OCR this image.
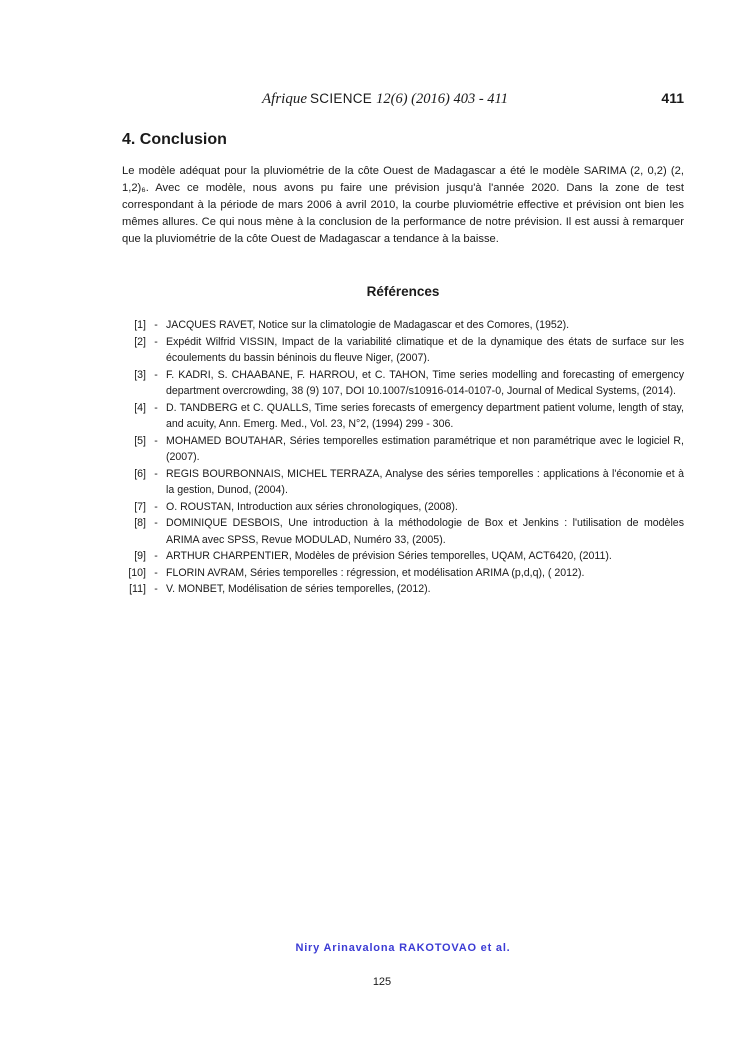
Afrique SCIENCE 12(6) (2016) 403 - 411	411
4. Conclusion

Le modèle adéquat pour la pluviométrie de la côte Ouest de Madagascar a été le modèle SARIMA (2, 0,2) (2, 1,2)₆. Avec ce modèle, nous avons pu faire une prévision jusqu'à l'année 2020. Dans la zone de test correspondant à la période de mars 2006 à avril 2010, la courbe pluviométrie effective et prévision ont bien les mêmes allures. Ce qui nous mène à la conclusion de la performance de notre prévision. Il est aussi à remarquer que la pluviométrie de la côte Ouest de Madagascar a tendance à la baisse.

Références
[1] - JACQUES RAVET, Notice sur la climatologie de Madagascar et des Comores, (1952).
[2] - Expédit Wilfrid VISSIN, Impact de la variabilité climatique et de la dynamique des états de surface sur les écoulements du bassin béninois du fleuve Niger, (2007).
[3] - F. KADRI, S. CHAABANE, F. HARROU, et C. TAHON, Time series modelling and forecasting of emergency department overcrowding, 38 (9) 107, DOI 10.1007/s10916-014-0107-0, Journal of Medical Systems, (2014).
[4] - D. TANDBERG et C. QUALLS, Time series forecasts of emergency department patient volume, length of stay, and acuity, Ann. Emerg. Med., Vol. 23, N°2, (1994) 299 - 306.
[5] - MOHAMED BOUTAHAR, Séries temporelles estimation paramétrique et non paramétrique avec le logiciel R, (2007).
[6] - REGIS BOURBONNAIS, MICHEL TERRAZA, Analyse des séries temporelles : applications à l'économie et à la gestion, Dunod, (2004).
[7] - O. ROUSTAN, Introduction aux séries chronologiques, (2008).
[8] - DOMINIQUE DESBOIS, Une introduction à la méthodologie de Box et Jenkins : l'utilisation de modèles ARIMA avec SPSS, Revue MODULAD, Numéro 33, (2005).
[9] - ARTHUR CHARPENTIER, Modèles de prévision Séries temporelles, UQAM, ACT6420, (2011).
[10] - FLORIN AVRAM, Séries temporelles : régression, et modélisation ARIMA (p,d,q), ( 2012).
[11] - V. MONBET, Modélisation de séries temporelles, (2012).
Niry Arinavalona RAKOTOVAO et al.
125
